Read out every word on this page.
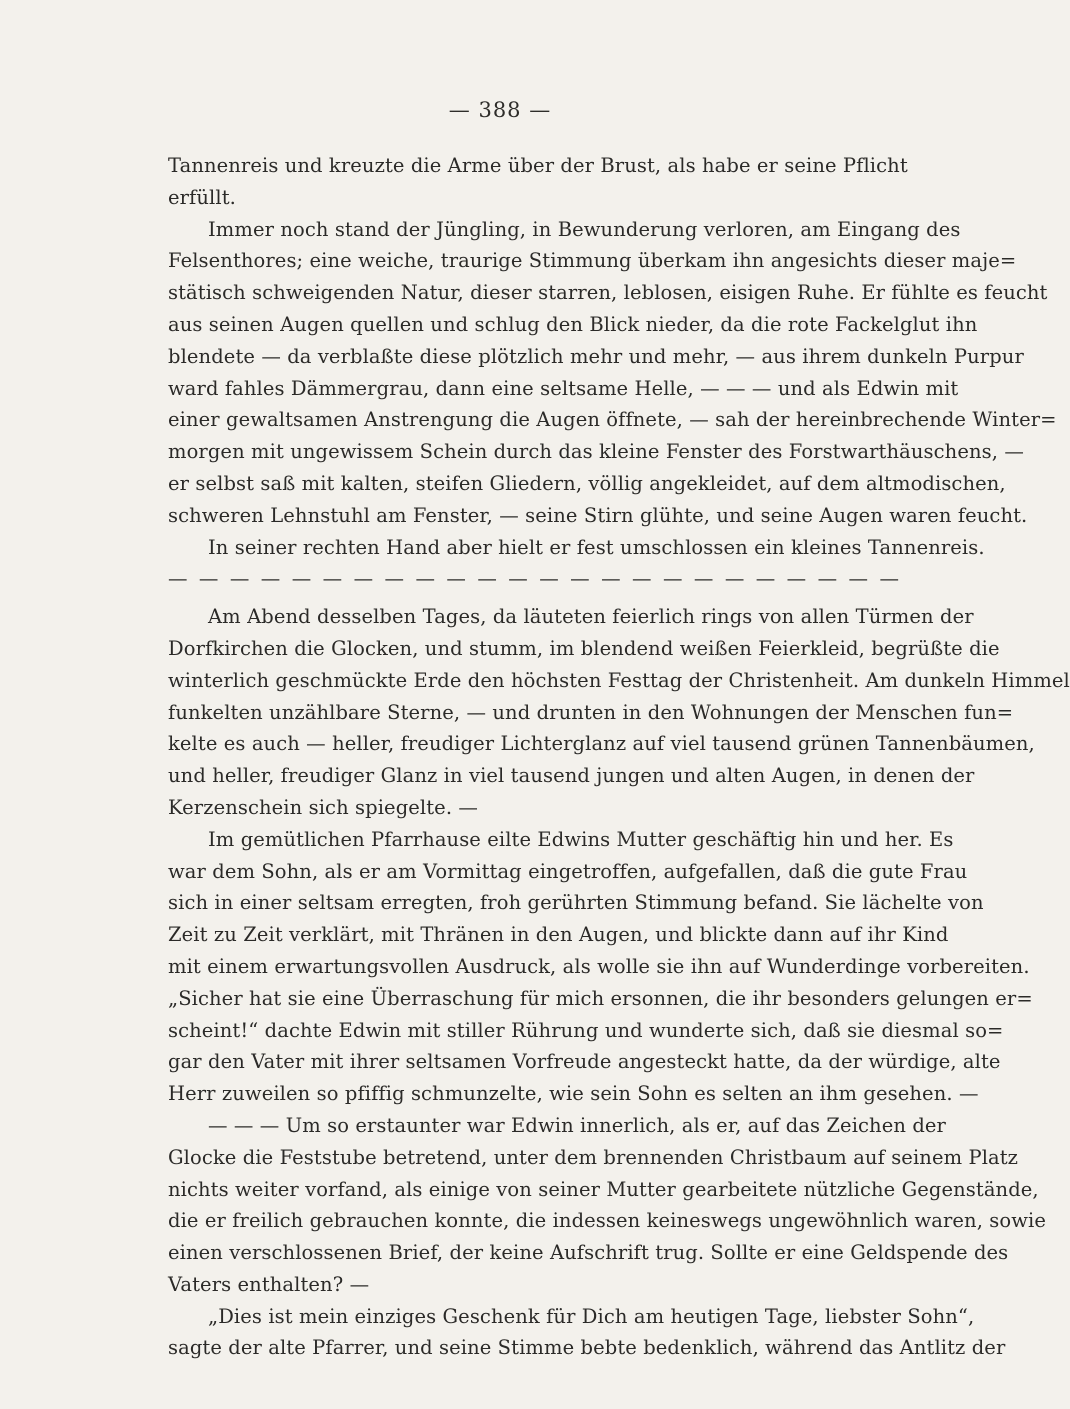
— 388 —
Tannenreis und kreuzte die Arme über der Brust, als habe er seine Pflicht
erfüllt.
Immer noch stand der Jüngling, in Bewunderung verloren, am Eingang des
Felsenthores; eine weiche, traurige Stimmung überkam ihn angesichts dieser maje=
stätisch schweigenden Natur, dieser starren, leblosen, eisigen Ruhe. Er fühlte es feucht
aus seinen Augen quellen und schlug den Blick nieder, da die rote Fackelglut ihn
blendete — da verblaßte diese plötzlich mehr und mehr, — aus ihrem dunkeln Purpur
ward fahles Dämmergrau, dann eine seltsame Helle, — — — und als Edwin mit
einer gewaltsamen Anstrengung die Augen öffnete, — sah der hereinbrechende Winter=
morgen mit ungewissem Schein durch das kleine Fenster des Forstwarthäuschens, —
er selbst saß mit kalten, steifen Gliedern, völlig angekleidet, auf dem altmodischen,
schweren Lehnstuhl am Fenster, — seine Stirn glühte, und seine Augen waren feucht.
In seiner rechten Hand aber hielt er fest umschlossen ein kleines Tannenreis.
— — — — — — — — — — — — — — — — — — — — — — — —
Am Abend desselben Tages, da läuteten feierlich rings von allen Türmen der
Dorfkirchen die Glocken, und stumm, im blendend weißen Feierkleid, begrüßte die
winterlich geschmückte Erde den höchsten Festtag der Christenheit. Am dunkeln Himmel
funkelten unzählbare Sterne, — und drunten in den Wohnungen der Menschen fun=
kelte es auch — heller, freudiger Lichterglanz auf viel tausend grünen Tannenbäumen,
und heller, freudiger Glanz in viel tausend jungen und alten Augen, in denen der
Kerzenschein sich spiegelte. —
Im gemütlichen Pfarrhause eilte Edwins Mutter geschäftig hin und her. Es
war dem Sohn, als er am Vormittag eingetroffen, aufgefallen, daß die gute Frau
sich in einer seltsam erregten, froh gerührten Stimmung befand. Sie lächelte von
Zeit zu Zeit verklärt, mit Thränen in den Augen, und blickte dann auf ihr Kind
mit einem erwartungsvollen Ausdruck, als wolle sie ihn auf Wunderdinge vorbereiten.
„Sicher hat sie eine Überraschung für mich ersonnen, die ihr besonders gelungen er=
scheint!“ dachte Edwin mit stiller Rührung und wunderte sich, daß sie diesmal so=
gar den Vater mit ihrer seltsamen Vorfreude angesteckt hatte, da der würdige, alte
Herr zuweilen so pfiffig schmunzelte, wie sein Sohn es selten an ihm gesehen. —
— — — Um so erstaunter war Edwin innerlich, als er, auf das Zeichen der
Glocke die Feststube betretend, unter dem brennenden Christbaum auf seinem Platz
nichts weiter vorfand, als einige von seiner Mutter gearbeitete nützliche Gegenstände,
die er freilich gebrauchen konnte, die indessen keineswegs ungewöhnlich waren, sowie
einen verschlossenen Brief, der keine Aufschrift trug. Sollte er eine Geldspende des
Vaters enthalten? —
„Dies ist mein einziges Geschenk für Dich am heutigen Tage, liebster Sohn“,
sagte der alte Pfarrer, und seine Stimme bebte bedenklich, während das Antlitz der
